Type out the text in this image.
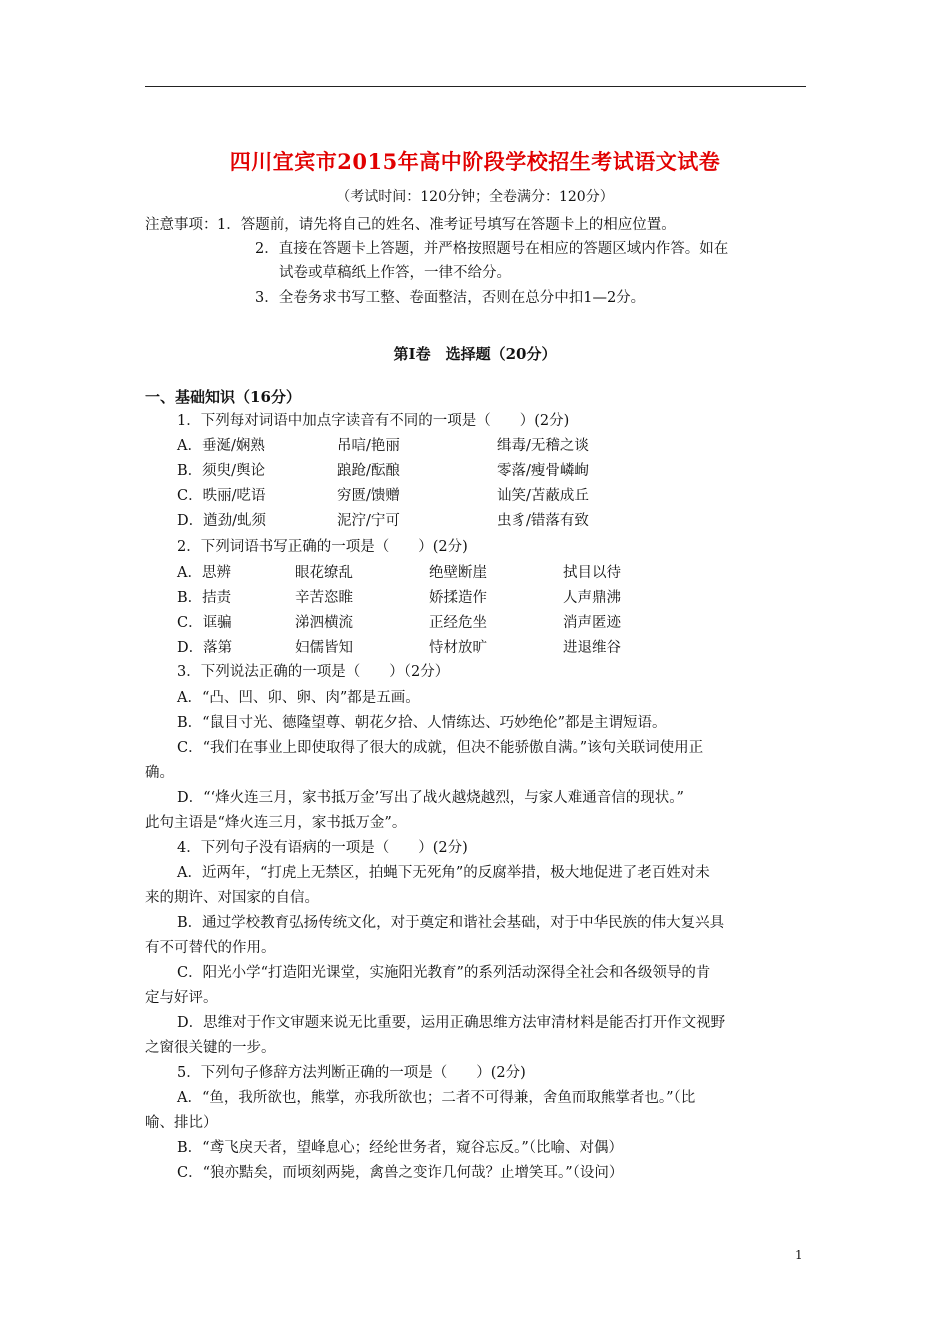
四川宜宾市2015年高中阶段学校招生考试语文试卷
（考试时间：120分钟；全卷满分：120分）
注意事项： 1．答题前，请先将自己的姓名、准考证号填写在答题卡上的相应位置。
2．直接在答题卡上答题，并严格按照题号在相应的答题区域内作答。如在
试卷或草稿纸上作答，一律不给分。
3．全卷务求书写工整、卷面整洁，否则在总分中扣1—2分。
第Ⅰ卷　选择题（20分）
一、基础知识（16分）
1．下列每对词语中加点字读音有不同的一项是（　　）(2分)
A．垂涎/娴熟	吊唁/艳丽	缉毒/无稽之谈
B．须臾/舆论	踉跄/酝酿	零落/瘦骨嶙峋
C．昳丽/呓语	穷匮/馈赠	讪笑/苫蔽成丘
D．遒劲/虬须	泥泞/宁可	虫豸/错落有致
2．下列词语书写正确的一项是（　　）(2分)
A．思辨	眼花缭乱	绝壁断崖	拭目以待
B．拮责	辛苦恣睢	娇揉造作	人声鼎沸
C．诓骗	涕泗横流	正经危坐	消声匿迹
D．落第	妇儒皆知	恃材放旷	进退维谷
3．下列说法正确的一项是（　　）（2分）
A．“凸、凹、卯、卵、肉”都是五画。
B．“鼠目寸光、德隆望尊、朝花夕拾、人情练达、巧妙绝伦”都是主谓短语。
C．“我们在事业上即使取得了很大的成就，但决不能骄傲自满。”该句关联词使用正
确。
D．“‘烽火连三月，家书抵万金’写出了战火越烧越烈，与家人难通音信的现状。”
此句主语是“烽火连三月，家书抵万金”。
4．下列句子没有语病的一项是（　　）(2分)
A．近两年，“打虎上无禁区，拍蝇下无死角”的反腐举措，极大地促进了老百姓对未
来的期许、对国家的自信。
B．通过学校教育弘扬传统文化，对于奠定和谐社会基础，对于中华民族的伟大复兴具
有不可替代的作用。
C．阳光小学“打造阳光课堂，实施阳光教育”的系列活动深得全社会和各级领导的肯
定与好评。
D．思维对于作文审题来说无比重要，运用正确思维方法审清材料是能否打开作文视野
之窗很关键的一步。
5．下列句子修辞方法判断正确的一项是（　　）(2分)
A．“鱼，我所欲也，熊掌，亦我所欲也；二者不可得兼，舍鱼而取熊掌者也。”（比
喻、排比）
B．“鸢飞戾天者，望峰息心；经纶世务者，窥谷忘反。”（比喻、对偶）
C．“狼亦黠矣，而顷刻两毙，禽兽之变诈几何哉？止增笑耳。”（设问）
1
